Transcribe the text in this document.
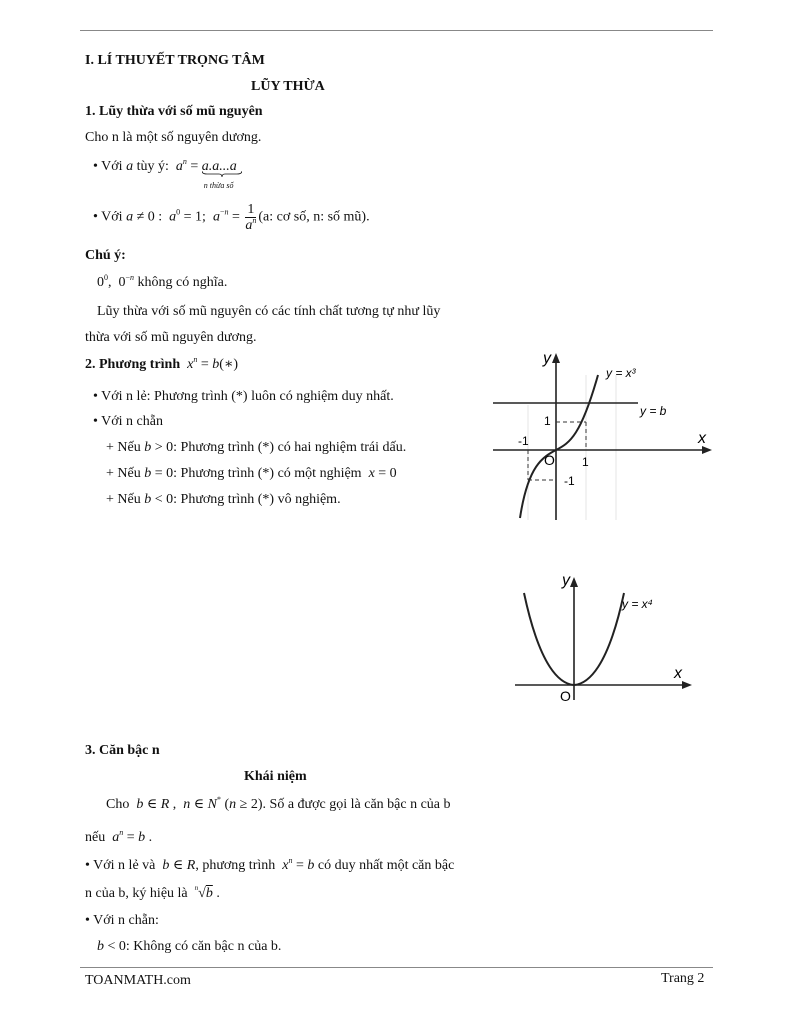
I. LÍ THUYẾT TRỌNG TÂM
LŨY THỪA
1. Lũy thừa với số mũ nguyên
Cho n là một số nguyên dương.
• Với a tùy ý: $a^n = a.a...a$
n thừa số
• Với a ≠ 0 :  $a^0 = 1$;  $a^{-n} = \frac{1}{a^n} (a$: cơ số, n: số mũ).
Chú ý:
$0^0$,  $0^{-n}$ không có nghĩa.
Lũy thừa với số mũ nguyên có các tính chất tương tự như lũy
thừa với số mũ nguyên dương.
2. Phương trình $x^n$ = b(∗)
• Với n lẻ: Phương trình (*) luôn có nghiệm duy nhất.
• Với n chẵn
+ Nếu b > 0: Phương trình (*) có hai nghiệm trái dấu.
+ Nếu b = 0: Phương trình (*) có một nghiệm x = 0
+ Nếu b < 0: Phương trình (*) vô nghiệm.
y
x
O
y = x³
y = b
1
-1
1
-1
y
x
O
y = x⁴
3. Căn bậc n
Khái niệm
Cho b ∈ R ,  n ∈ N* (n ≥ 2). Số a được gọi là căn bậc n của b
nếu $a^n = b$ .
• Với n lẻ và b ∈ R, phương trình $x^n = b$ có duy nhất một căn bậc
n của b, ký hiệu là $^n$√b .
• Với n chẵn:
b < 0: Không có căn bậc n của b.
TOANMATH.com	Trang 2
